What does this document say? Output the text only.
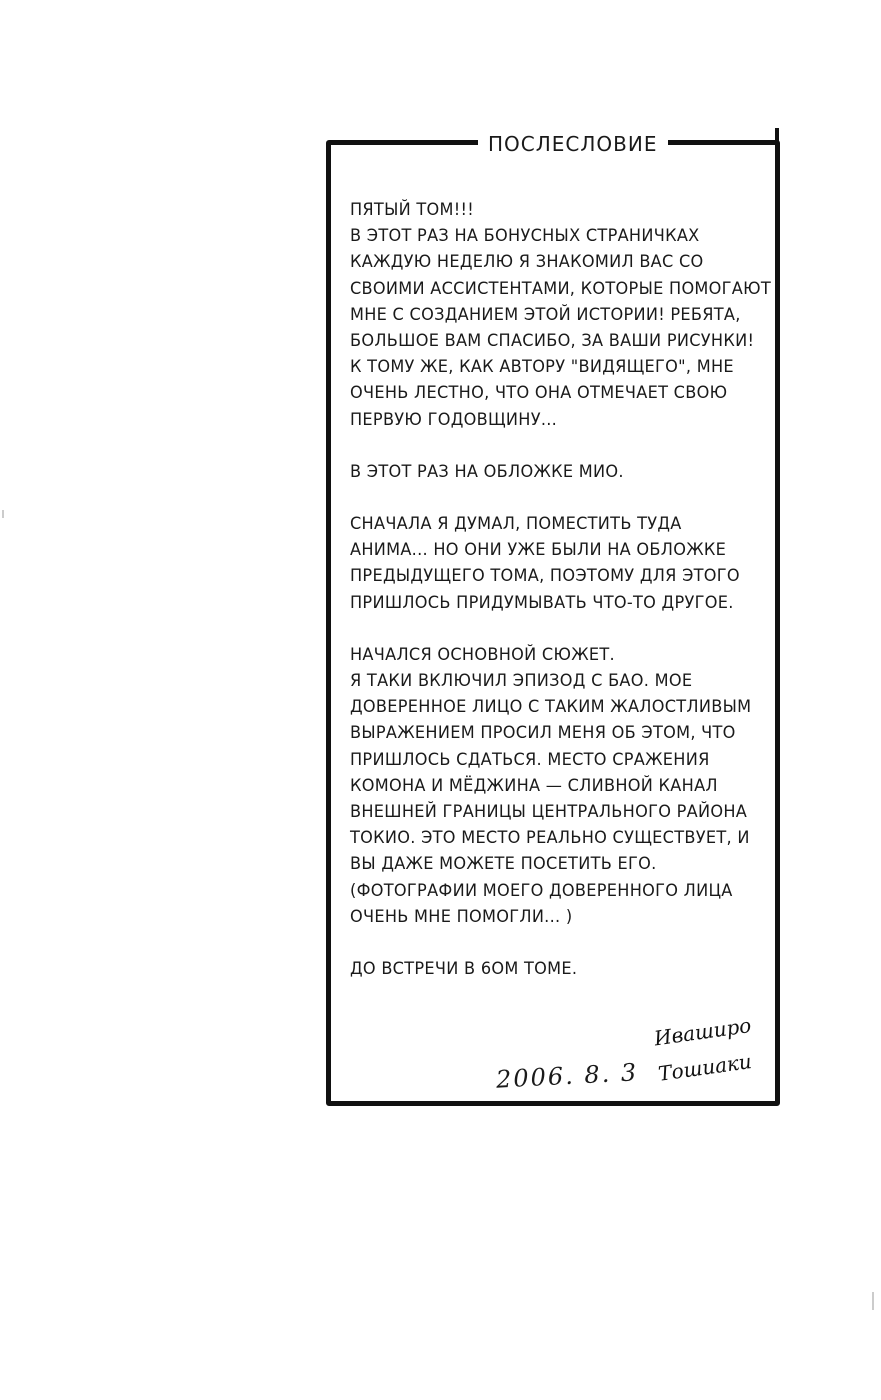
ПОСЛЕСЛОВИЕ

ПЯТЫЙ ТОМ!!!
В ЭТОТ РАЗ НА БОНУСНЫХ СТРАНИЧКАХ
КАЖДУЮ НЕДЕЛЮ Я ЗНАКОМИЛ ВАС СО
СВОИМИ АССИСТЕНТАМИ, КОТОРЫЕ ПОМОГАЮТ
МНЕ С СОЗДАНИЕМ ЭТОЙ ИСТОРИИ! РЕБЯТА,
БОЛЬШОЕ ВАМ СПАСИБО, ЗА ВАШИ РИСУНКИ!
К ТОМУ ЖЕ, КАК АВТОРУ "ВИДЯЩЕГО", МНЕ
ОЧЕНЬ ЛЕСТНО, ЧТО ОНА ОТМЕЧАЕТ СВОЮ
ПЕРВУЮ ГОДОВЩИНУ...

В ЭТОТ РАЗ НА ОБЛОЖКЕ МИО.

СНАЧАЛА Я ДУМАЛ, ПОМЕСТИТЬ ТУДА
АНИМА... НО ОНИ УЖЕ БЫЛИ НА ОБЛОЖКЕ
ПРЕДЫДУЩЕГО ТОМА, ПОЭТОМУ ДЛЯ ЭТОГО
ПРИШЛОСЬ ПРИДУМЫВАТЬ ЧТО-ТО ДРУГОЕ.

НАЧАЛСЯ ОСНОВНОЙ СЮЖЕТ.
Я ТАКИ ВКЛЮЧИЛ ЭПИЗОД С БАО. МОЕ
ДОВЕРЕННОЕ ЛИЦО С ТАКИМ ЖАЛОСТЛИВЫМ
ВЫРАЖЕНИЕМ ПРОСИЛ МЕНЯ ОБ ЭТОМ, ЧТО
ПРИШЛОСЬ СДАТЬСЯ. МЕСТО СРАЖЕНИЯ
КОМОНА И МЁДЖИНА — СЛИВНОЙ КАНАЛ
ВНЕШНЕЙ ГРАНИЦЫ ЦЕНТРАЛЬНОГО РАЙОНА
ТОКИО. ЭТО МЕСТО РЕАЛЬНО СУЩЕСТВУЕТ, И
ВЫ ДАЖЕ МОЖЕТЕ ПОСЕТИТЬ ЕГО.
(ФОТОГРАФИИ МОЕГО ДОВЕРЕННОГО ЛИЦА
ОЧЕНЬ МНЕ ПОМОГЛИ... )

ДО ВСТРЕЧИ В 6ОМ ТОМЕ.

2006. 8. 3
Иваширо
Тошиаки
